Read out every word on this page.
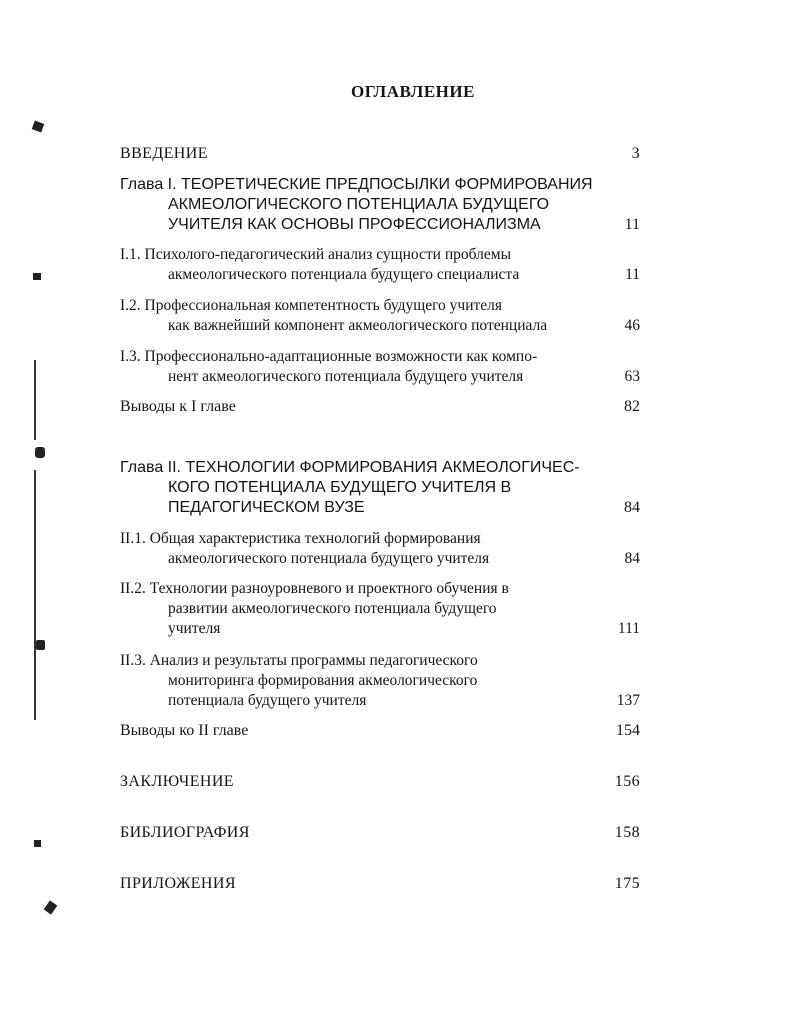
ОГЛАВЛЕНИЕ
ВВЕДЕНИЕ	3
Глава I. ТЕОРЕТИЧЕСКИЕ ПРЕДПОСЫЛКИ ФОРМИРОВАНИЯ
АКМЕОЛОГИЧЕСКОГО ПОТЕНЦИАЛА БУДУЩЕГО
УЧИТЕЛЯ КАК ОСНОВЫ ПРОФЕССИОНАЛИЗМА	11
I.1. Психолого-педагогический анализ сущности проблемы
акмеологического потенциала будущего специалиста	11
I.2. Профессиональная компетентность будущего учителя
как важнейший компонент акмеологического потенциала	46
I.3. Профессионально-адаптационные возможности как компо-
нент акмеологического потенциала будущего учителя	63
Выводы к I главе	82
Глава II. ТЕХНОЛОГИИ ФОРМИРОВАНИЯ АКМЕОЛОГИЧЕС-
КОГО ПОТЕНЦИАЛА БУДУЩЕГО УЧИТЕЛЯ В
ПЕДАГОГИЧЕСКОМ ВУЗЕ	84
II.1. Общая характеристика технологий формирования
акмеологического потенциала будущего учителя	84
II.2. Технологии разноуровневого и проектного обучения в
развитии акмеологического потенциала будущего
учителя	111
II.3. Анализ и результаты программы педагогического
мониторинга формирования акмеологического
потенциала будущего учителя	137
Выводы ко II главе	154
ЗАКЛЮЧЕНИЕ	156
БИБЛИОГРАФИЯ	158
ПРИЛОЖЕНИЯ	175
